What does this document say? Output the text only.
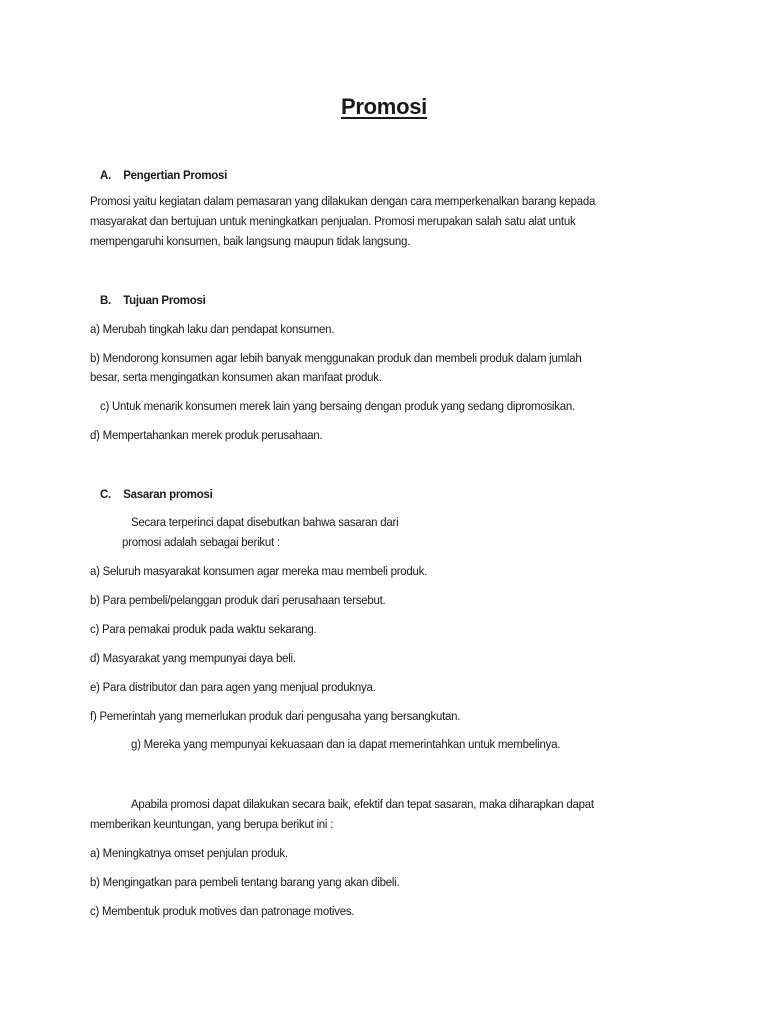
Promosi
A. Pengertian Promosi
Promosi yaitu kegiatan dalam pemasaran yang dilakukan dengan cara memperkenalkan barang kepada
masyarakat dan bertujuan untuk meningkatkan penjualan. Promosi merupakan salah satu alat untuk
mempengaruhi konsumen, baik langsung maupun tidak langsung.
B. Tujuan Promosi
a) Merubah tingkah laku dan pendapat konsumen.
b) Mendorong konsumen agar lebih banyak menggunakan produk dan membeli produk dalam jumlah
besar, serta mengingatkan konsumen akan manfaat produk.
c) Untuk menarik konsumen merek lain yang bersaing dengan produk yang sedang dipromosikan.
d) Mempertahankan merek produk perusahaan.
C. Sasaran promosi
Secara terperinci dapat disebutkan bahwa sasaran dari
promosi adalah sebagai berikut :
a) Seluruh masyarakat konsumen agar mereka mau membeli produk.
b) Para pembeli/pelanggan produk dari perusahaan tersebut.
c) Para pemakai produk pada waktu sekarang.
d) Masyarakat yang mempunyai daya beli.
e) Para distributor dan para agen yang menjual produknya.
f) Pemerintah yang memerlukan produk dari pengusaha yang bersangkutan.
g) Mereka yang mempunyai kekuasaan dan ia dapat memerintahkan untuk membelinya.
Apabila promosi dapat dilakukan secara baik, efektif dan tepat sasaran, maka diharapkan dapat
memberikan keuntungan, yang berupa berikut ini :
a) Meningkatnya omset penjulan produk.
b) Mengingatkan para pembeli tentang barang yang akan dibeli.
c) Membentuk produk motives dan patronage motives.
